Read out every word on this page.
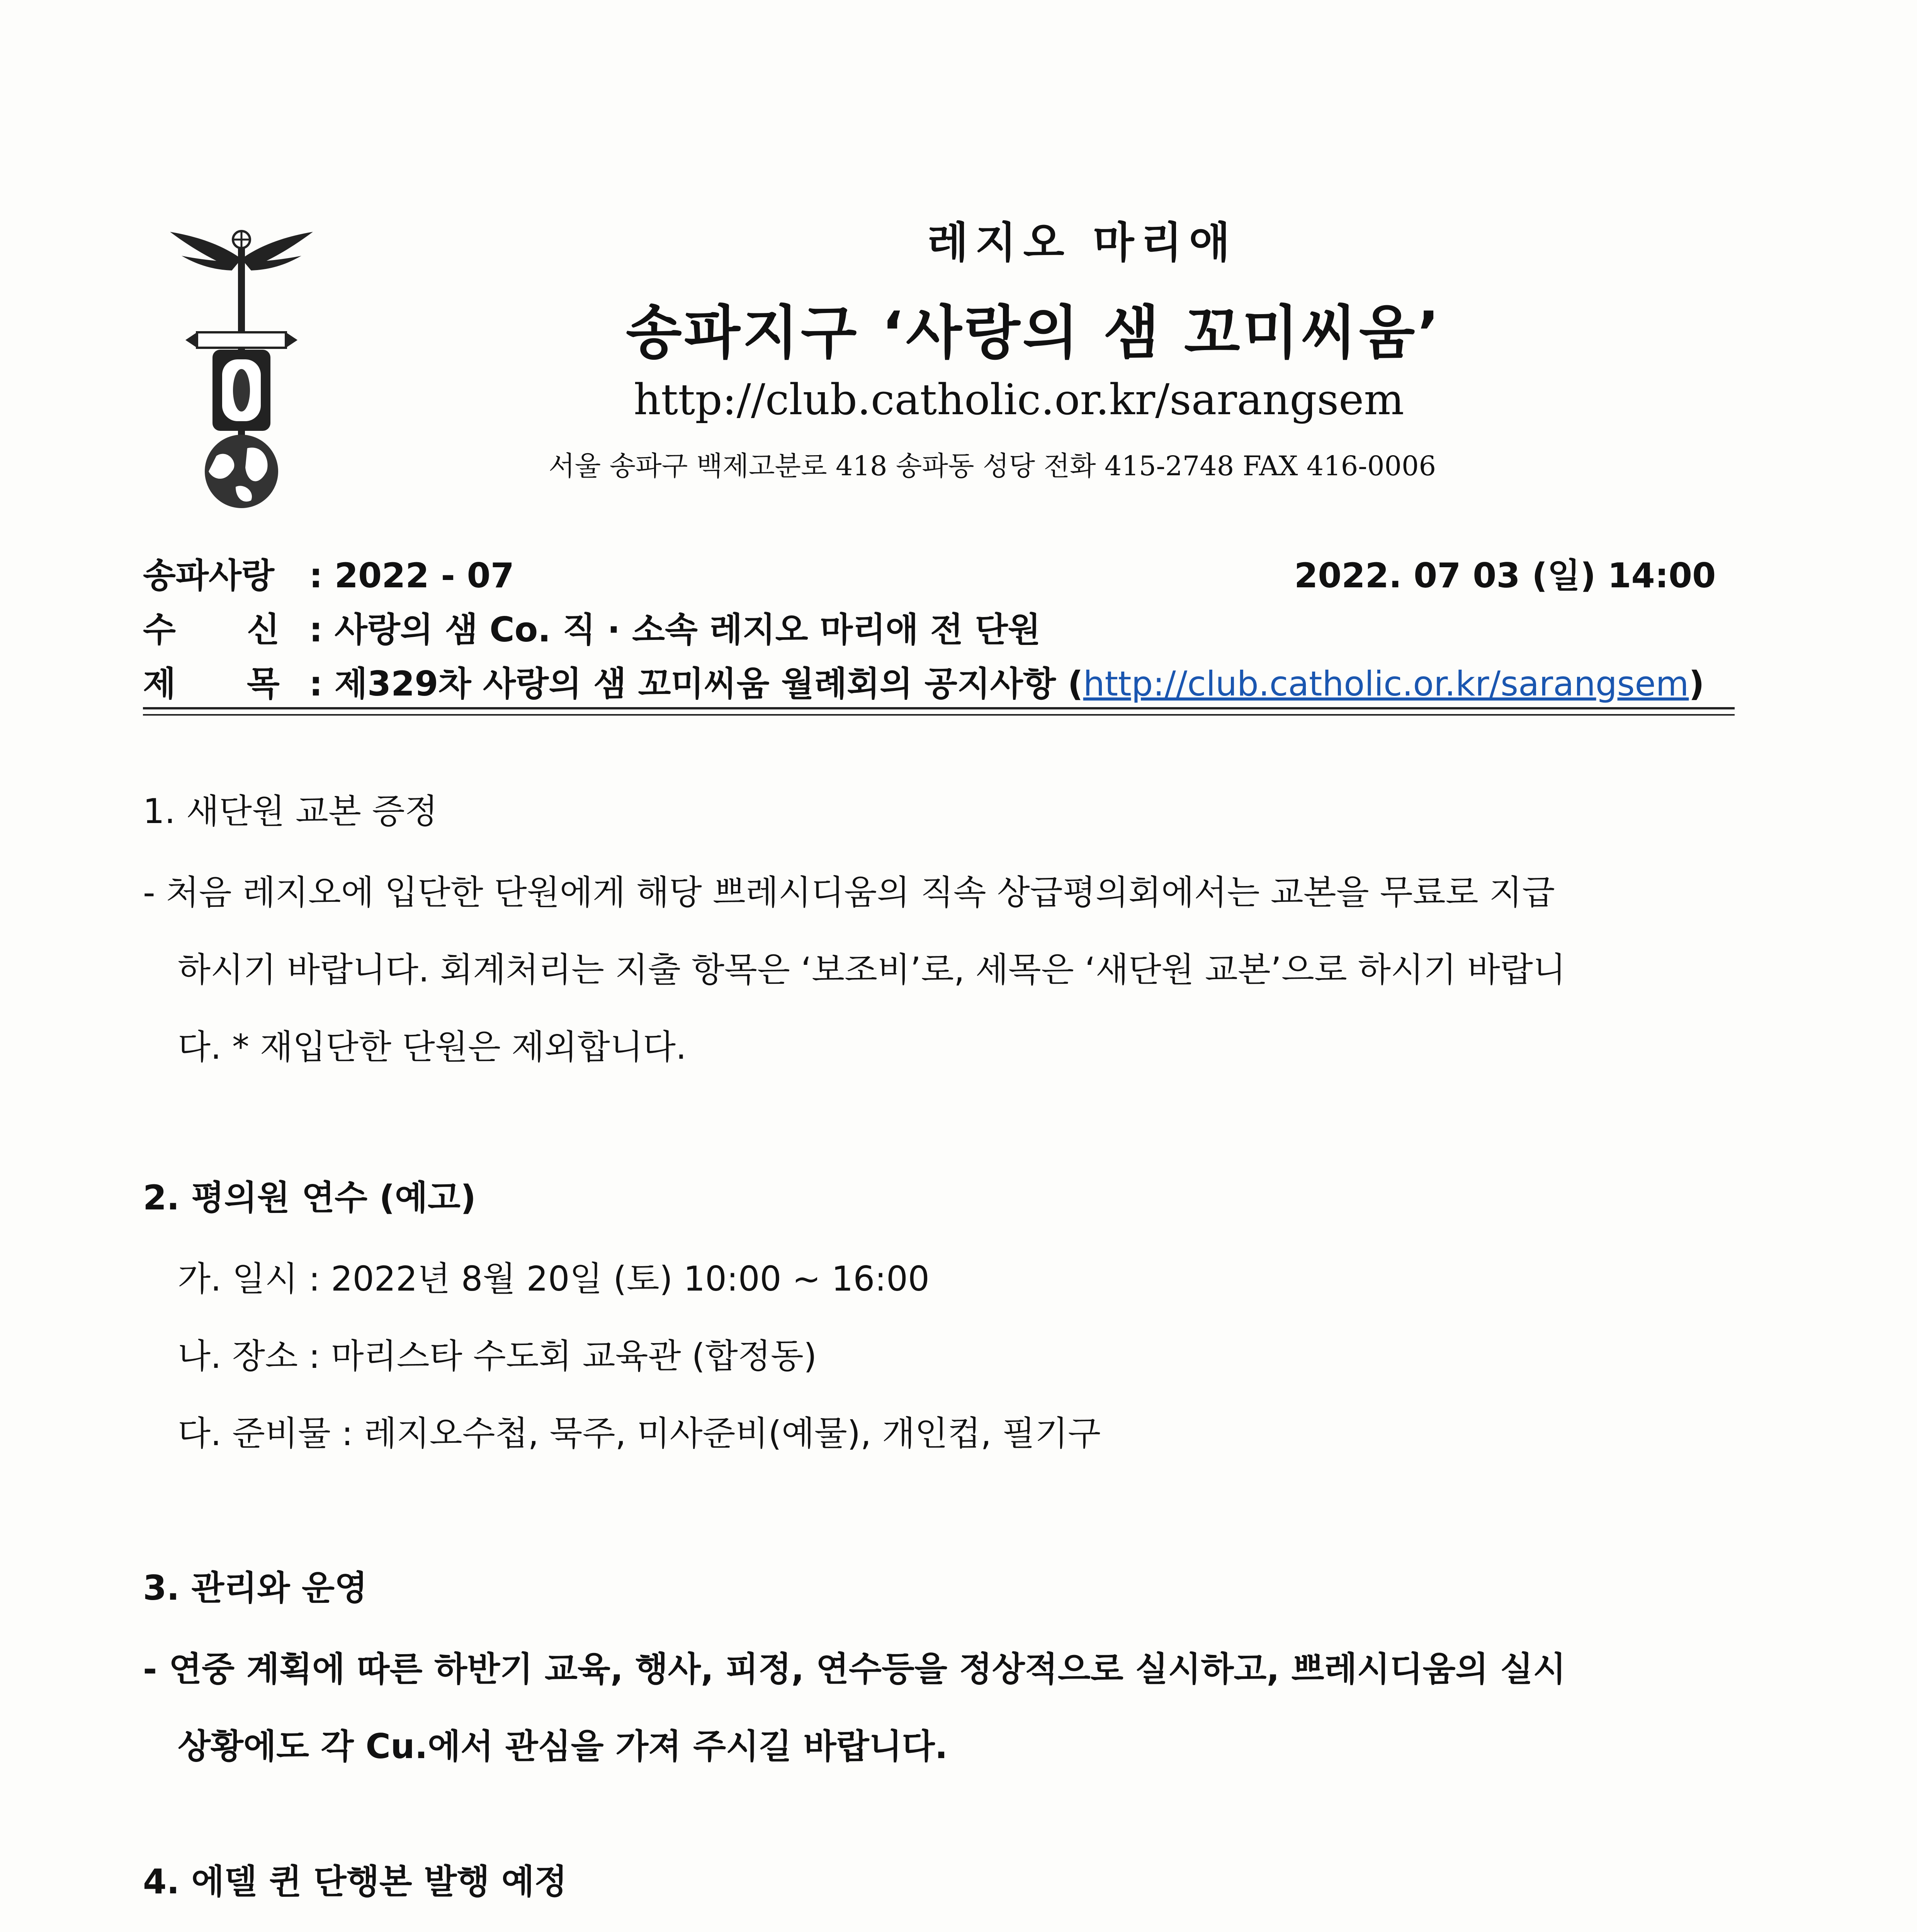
레지오 마리애
송파지구 ‘사랑의 샘 꼬미씨움’
http://club.catholic.or.kr/sarangsem
서울 송파구 백제고분로 418 송파동 성당 전화 415-2748 FAX 416-0006
송파사랑 : 2022 - 07	2022. 07 03 (일) 14:00
수      신 : 사랑의 샘 Co. 직 · 소속 레지오 마리애 전 단원
제      목 : 제329차 사랑의 샘 꼬미씨움 월례회의 공지사항 (http://club.catholic.or.kr/sarangsem)
1. 새단원 교본 증정
- 처음 레지오에 입단한 단원에게 해당 쁘레시디움의 직속 상급평의회에서는 교본을 무료로 지급
하시기 바랍니다. 회계처리는 지출 항목은 ‘보조비’로, 세목은 ‘새단원 교본’으로 하시기 바랍니
다. * 재입단한 단원은 제외합니다.
2. 평의원 연수 (예고)
가. 일시 : 2022년 8월 20일 (토) 10:00 ~ 16:00
나. 장소 : 마리스타 수도회 교육관 (합정동)
다. 준비물 : 레지오수첩, 묵주, 미사준비(예물), 개인컵, 필기구
3. 관리와 운영
- 연중 계획에 따른 하반기 교육, 행사, 피정, 연수등을 정상적으로 실시하고, 쁘레시디움의 실시
상황에도 각 Cu.에서 관심을 가져 주시길 바랍니다.
4. 에델 퀸 단행본 발행 예정
